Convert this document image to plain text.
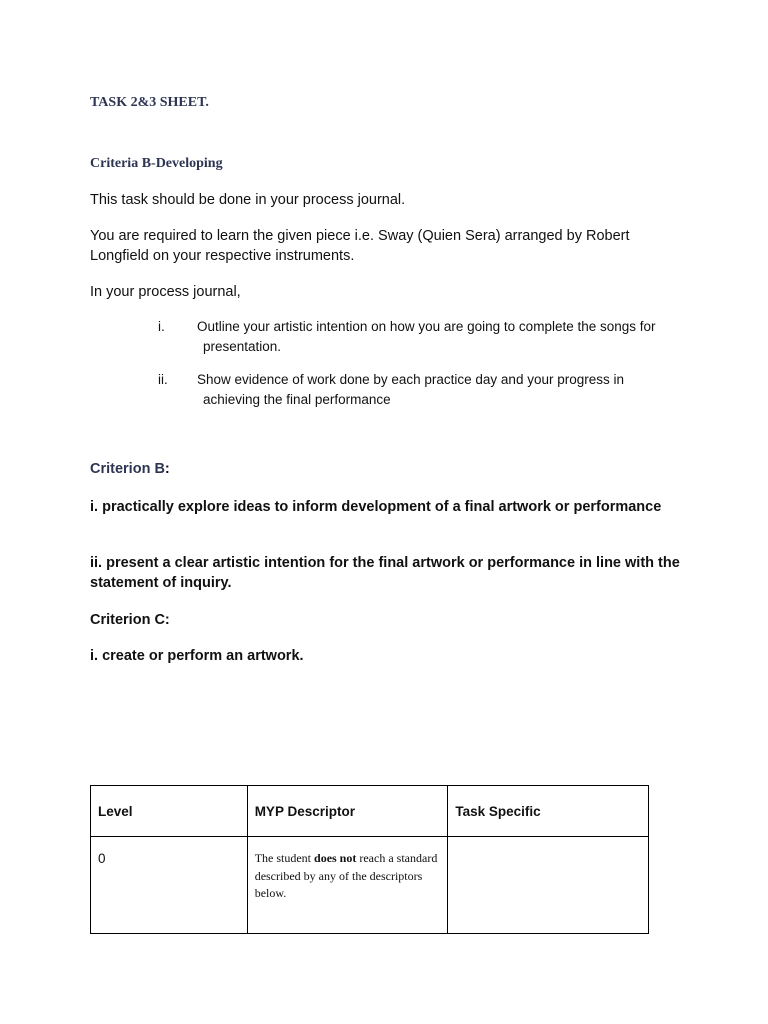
TASK 2&3 SHEET.
Criteria B-Developing
This task should be done in your process journal.
You are required to learn the given piece i.e. Sway (Quien Sera) arranged by Robert Longfield on your respective instruments.
In your process journal,
i. Outline your artistic intention on how you are going to complete the songs for
presentation.
ii. Show evidence of work done by each practice day and your progress in
achieving the final performance
Criterion B:
i. practically explore ideas to inform development of a final artwork or performance
ii. present a clear artistic intention for the final artwork or performance in line with the statement of inquiry.
Criterion C:
i. create or perform an artwork.
Level	MYP Descriptor	Task Specific
0	The student does not reach a standard described by any of the descriptors below.	
